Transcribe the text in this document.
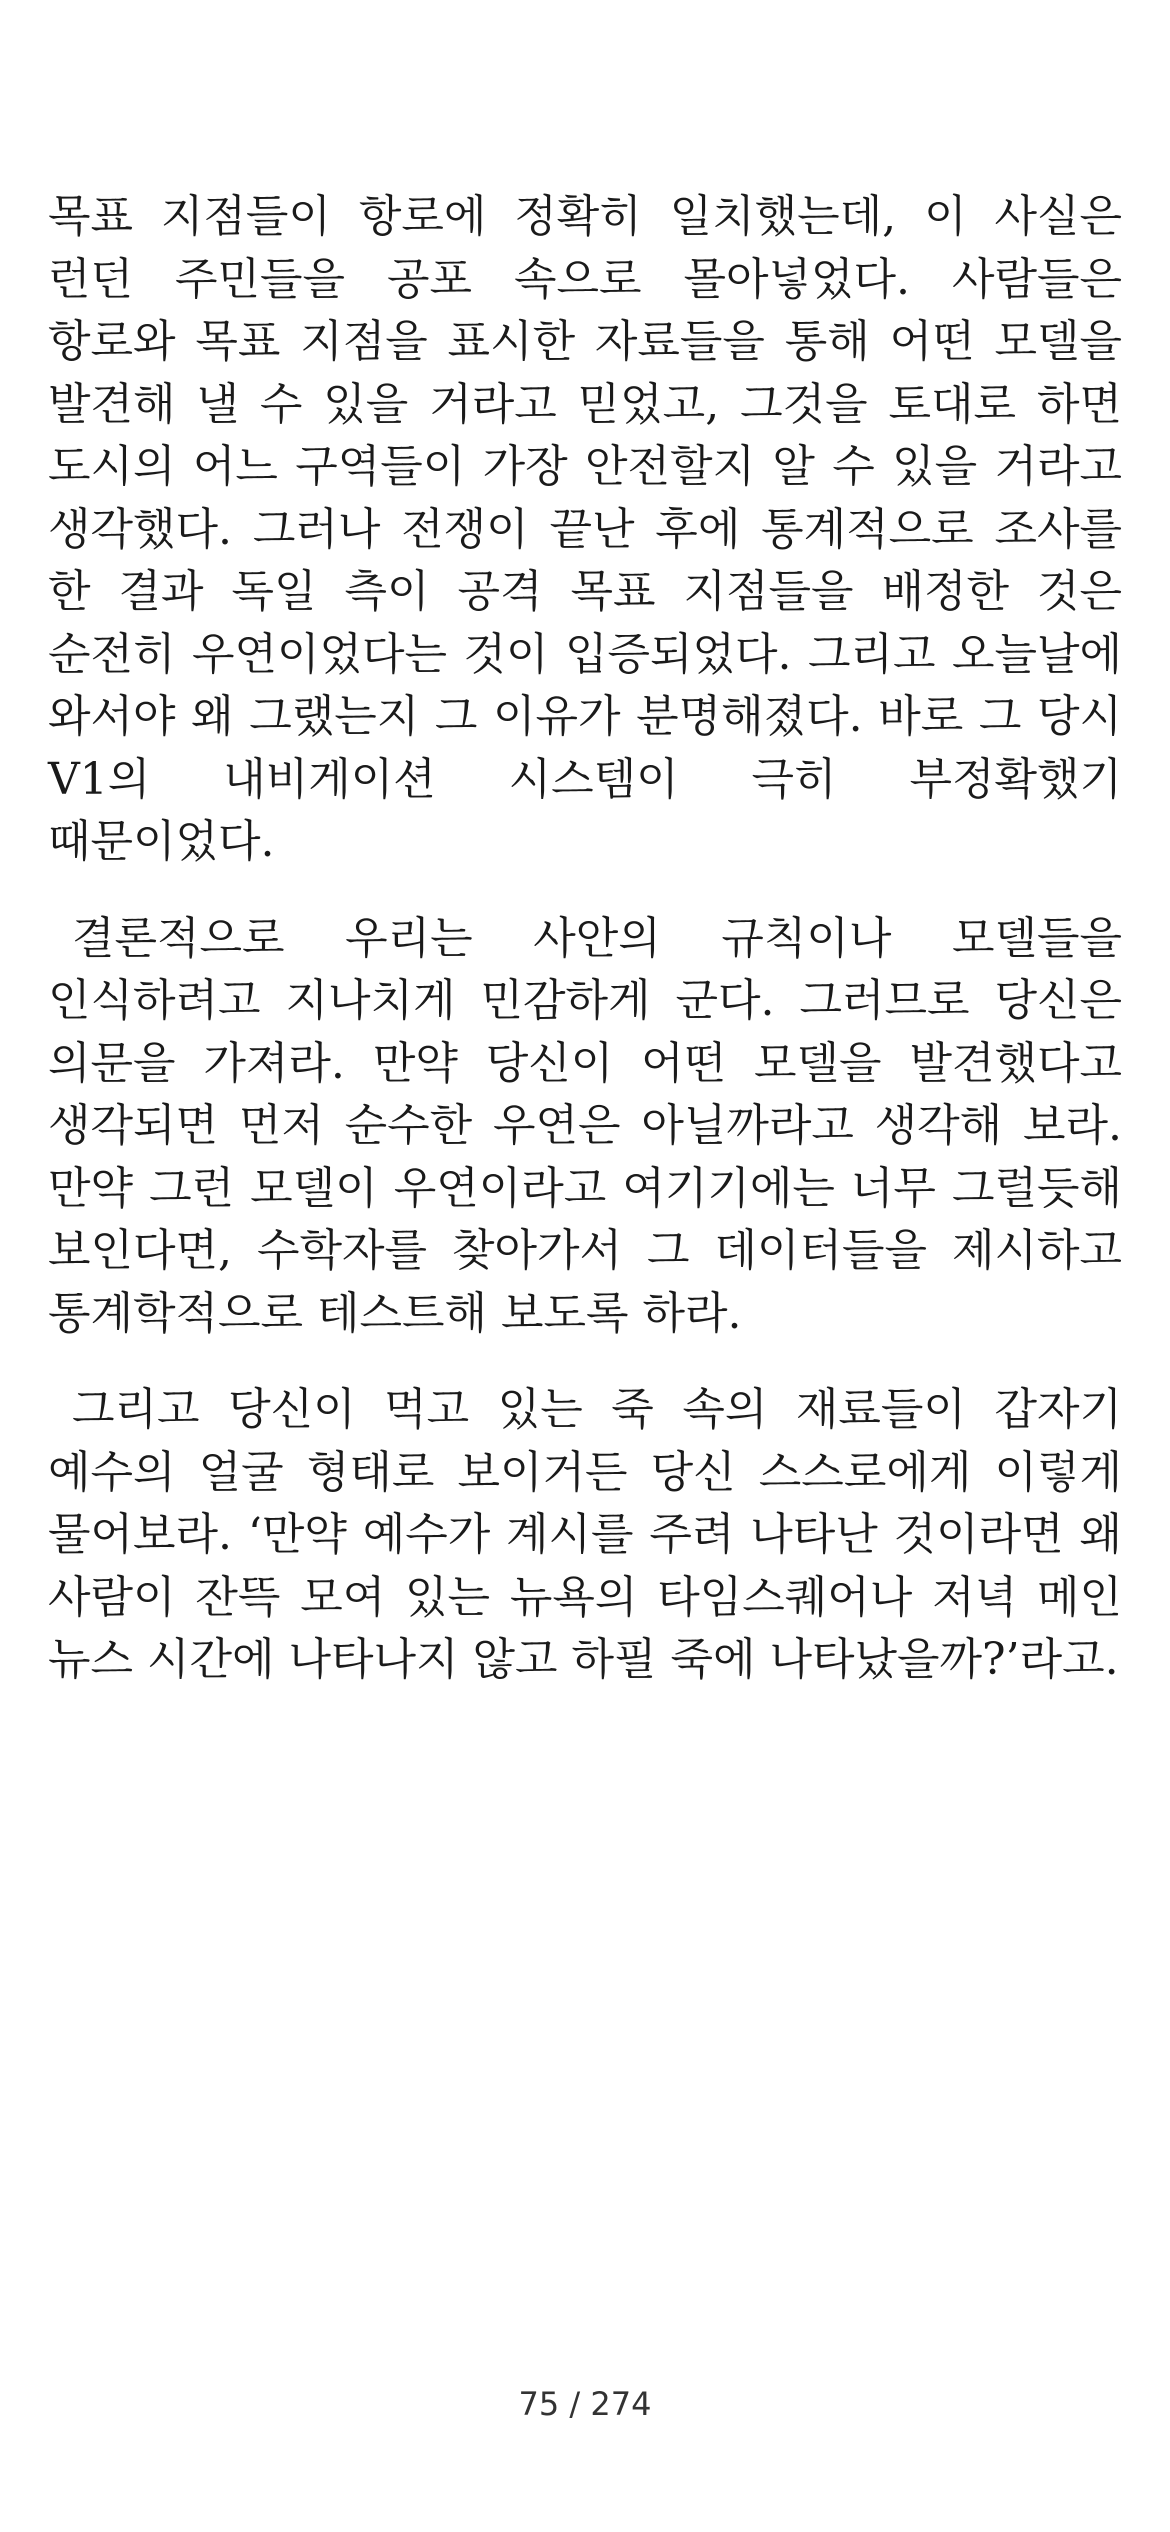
목표 지점들이 항로에 정확히 일치했는데, 이 사실은 런던 주민들을 공포 속으로 몰아넣었다. 사람들은 항로와 목표 지점을 표시한 자료들을 통해 어떤 모델을 발견해 낼 수 있을 거라고 믿었고, 그것을 토대로 하면 도시의 어느 구역들이 가장 안전할지 알 수 있을 거라고 생각했다. 그러나 전쟁이 끝난 후에 통계적으로 조사를 한 결과 독일 측이 공격 목표 지점들을 배정한 것은 순전히 우연이었다는 것이 입증되었다. 그리고 오늘날에 와서야 왜 그랬는지 그 이유가 분명해졌다. 바로 그 당시 V1의 내비게이션 시스템이 극히 부정확했기 때문이었다.

결론적으로 우리는 사안의 규칙이나 모델들을 인식하려고 지나치게 민감하게 군다. 그러므로 당신은 의문을 가져라. 만약 당신이 어떤 모델을 발견했다고 생각되면 먼저 순수한 우연은 아닐까라고 생각해 보라. 만약 그런 모델이 우연이라고 여기기에는 너무 그럴듯해 보인다면, 수학자를 찾아가서 그 데이터들을 제시하고 통계학적으로 테스트해 보도록 하라.

그리고 당신이 먹고 있는 죽 속의 재료들이 갑자기 예수의 얼굴 형태로 보이거든 당신 스스로에게 이렇게 물어보라. ‘만약 예수가 계시를 주려 나타난 것이라면 왜 사람이 잔뜩 모여 있는 뉴욕의 타임스퀘어나 저녁 메인 뉴스 시간에 나타나지 않고 하필 죽에 나타났을까?’라고.

75 / 274
